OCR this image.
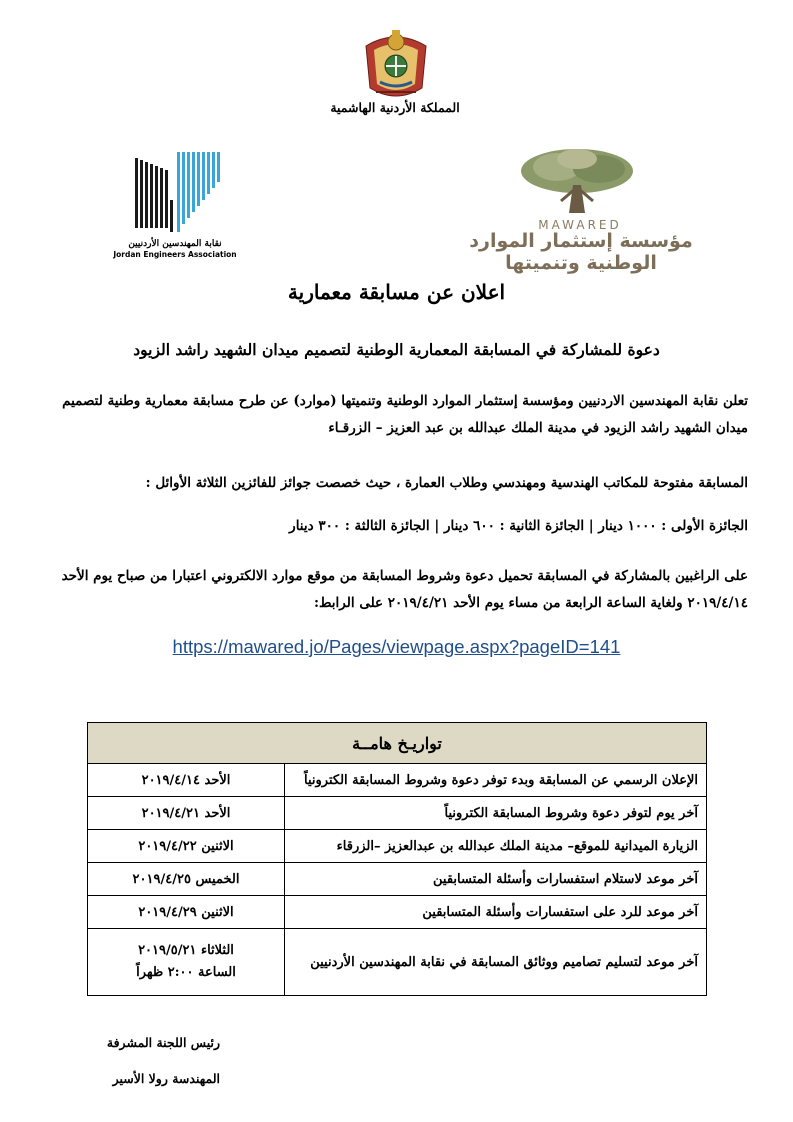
المملكة الأردنية الهاشمية
نقابة المهندسين الأردنيين
Jordan Engineers Association
MAWARED
مؤسسة إستثمار الموارد الوطنية وتنميتها
اعلان عن مسابقة معمارية
دعوة للمشاركة في المسابقة المعمارية الوطنية لتصميم ميدان الشهيد راشد الزيود
تعلن نقابة المهندسين الاردنيين ومؤسسة إستثمار الموارد الوطنية وتنميتها (موارد) عن طرح مسابقة معمارية وطنية لتصميم
ميدان الشهيد راشد الزيود في مدينة الملك عبدالله بن عبد العزيز – الزرقـاء
المسابقة مفتوحة للمكاتب الهندسية ومهندسي وطلاب العمارة ، حيث خصصت جوائز للفائزين الثلاثة الأوائل :
الجائزة الأولى : ١٠٠٠ دينار | الجائزة الثانية : ٦٠٠ دينار | الجائزة الثالثة : ٣٠٠ دينار
على الراغبين بالمشاركة في المسابقة تحميل دعوة وشروط المسابقة من موقع موارد الالكتروني اعتبارا من صباح يوم الأحد
٢٠١٩/٤/١٤ ولغاية الساعة الرابعة من مساء يوم الأحد ٢٠١٩/٤/٢١ على الرابط:
https://mawared.jo/Pages/viewpage.aspx?pageID=141
تواريـخ هامــة	
الإعلان الرسمي عن المسابقة وبدء توفر دعوة وشروط المسابقة الكترونياً	الأحد ٢٠١٩/٤/١٤
آخر يوم لتوفر دعوة وشروط المسابقة الكترونياً	الأحد ٢٠١٩/٤/٢١
الزيارة الميدانية للموقع– مدينة الملك عبدالله بن عبدالعزيز –الزرقاء	الاثنين ٢٠١٩/٤/٢٢
آخر موعد لاستلام استفسارات وأسئلة المتسابقين	الخميس ٢٠١٩/٤/٢٥
آخر موعد للرد على استفسارات وأسئلة المتسابقين	الاثنين ٢٠١٩/٤/٢٩
آخر موعد لتسليم تصاميم ووثائق المسابقة في نقابة المهندسين الأردنيين	الثلاثاء ٢٠١٩/٥/٢١
الساعة ٢:٠٠ ظهراً
رئيس اللجنة المشرفة
المهندسة رولا الأسير
